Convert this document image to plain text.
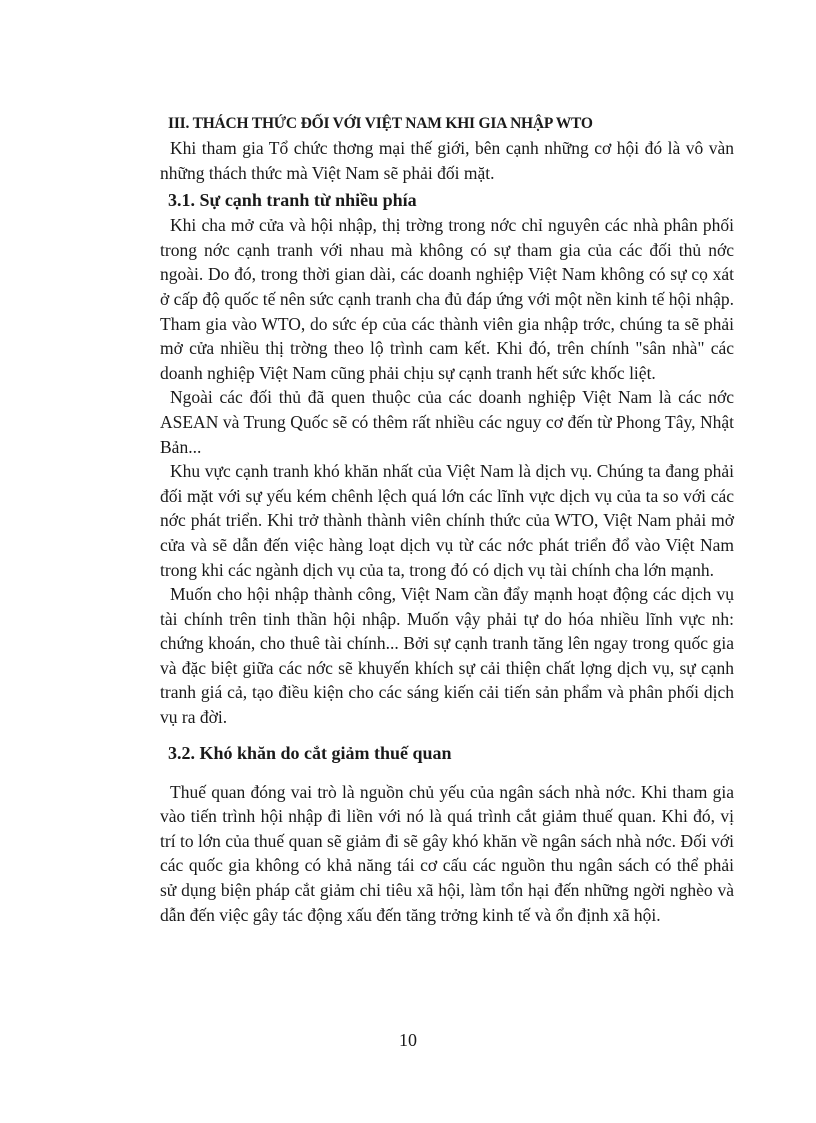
III. THÁCH THỨC ĐỐI VỚI VIỆT NAM KHI GIA NHẬP WTO

Khi tham gia Tổ chức thơng mại thế giới, bên cạnh những cơ hội đó là vô vàn những thách thức mà Việt Nam sẽ phải đối mặt.

3.1. Sự cạnh tranh từ nhiều phía

Khi cha mở cửa và hội nhập, thị trờng trong nớc chỉ nguyên các nhà phân phối trong nớc cạnh tranh với nhau mà không có sự tham gia của các đối thủ nớc ngoài. Do đó, trong thời gian dài, các doanh nghiệp Việt Nam không có sự cọ xát ở cấp độ quốc tế nên sức cạnh tranh cha đủ đáp ứng với một nền kinh tế hội nhập. Tham gia vào WTO, do sức ép của các thành viên gia nhập trớc, chúng ta sẽ phải mở cửa nhiều thị trờng theo lộ trình cam kết. Khi đó, trên chính "sân nhà" các doanh nghiệp Việt Nam cũng phải chịu sự cạnh tranh hết sức khốc liệt.

Ngoài các đối thủ đã quen thuộc của các doanh nghiệp Việt Nam là các nớc ASEAN và Trung Quốc sẽ có thêm rất nhiều các nguy cơ đến từ Phong Tây, Nhật Bản...

Khu vực cạnh tranh khó khăn nhất của Việt Nam là dịch vụ. Chúng ta đang phải đối mặt với sự yếu kém chênh lệch quá lớn các lĩnh vực dịch vụ của ta so với các nớc phát triển. Khi trở thành thành viên chính thức của WTO, Việt Nam phải mở cửa và sẽ dẫn đến việc hàng loạt dịch vụ từ các nớc phát triển đổ vào Việt Nam trong khi các ngành dịch vụ của ta, trong đó có dịch vụ tài chính cha lớn mạnh.

Muốn cho hội nhập thành công, Việt Nam cần đẩy mạnh hoạt động các dịch vụ tài chính trên tinh thần hội nhập. Muốn vậy phải tự do hóa nhiều lĩnh vực nh: chứng khoán, cho thuê tài chính... Bởi sự cạnh tranh tăng lên ngay trong quốc gia và đặc biệt giữa các nớc sẽ khuyến khích sự cải thiện chất lợng dịch vụ, sự cạnh tranh giá cả, tạo điều kiện cho các sáng kiến cải tiến sản phẩm và phân phối dịch vụ ra đời.

3.2. Khó khăn do cắt giảm thuế quan

Thuế quan đóng vai trò là nguồn chủ yếu của ngân sách nhà nớc. Khi tham gia vào tiến trình hội nhập đi liền với nó là quá trình cắt giảm thuế quan. Khi đó, vị trí to lớn của thuế quan sẽ giảm đi sẽ gây khó khăn về ngân sách nhà nớc. Đối với các quốc gia không có khả năng tái cơ cấu các nguồn thu ngân sách có thể phải sử dụng biện pháp cắt giảm chi tiêu xã hội, làm tổn hại đến những ngời nghèo và dẫn đến việc gây tác động xấu đến tăng trởng kinh tế và ổn định xã hội.

10
